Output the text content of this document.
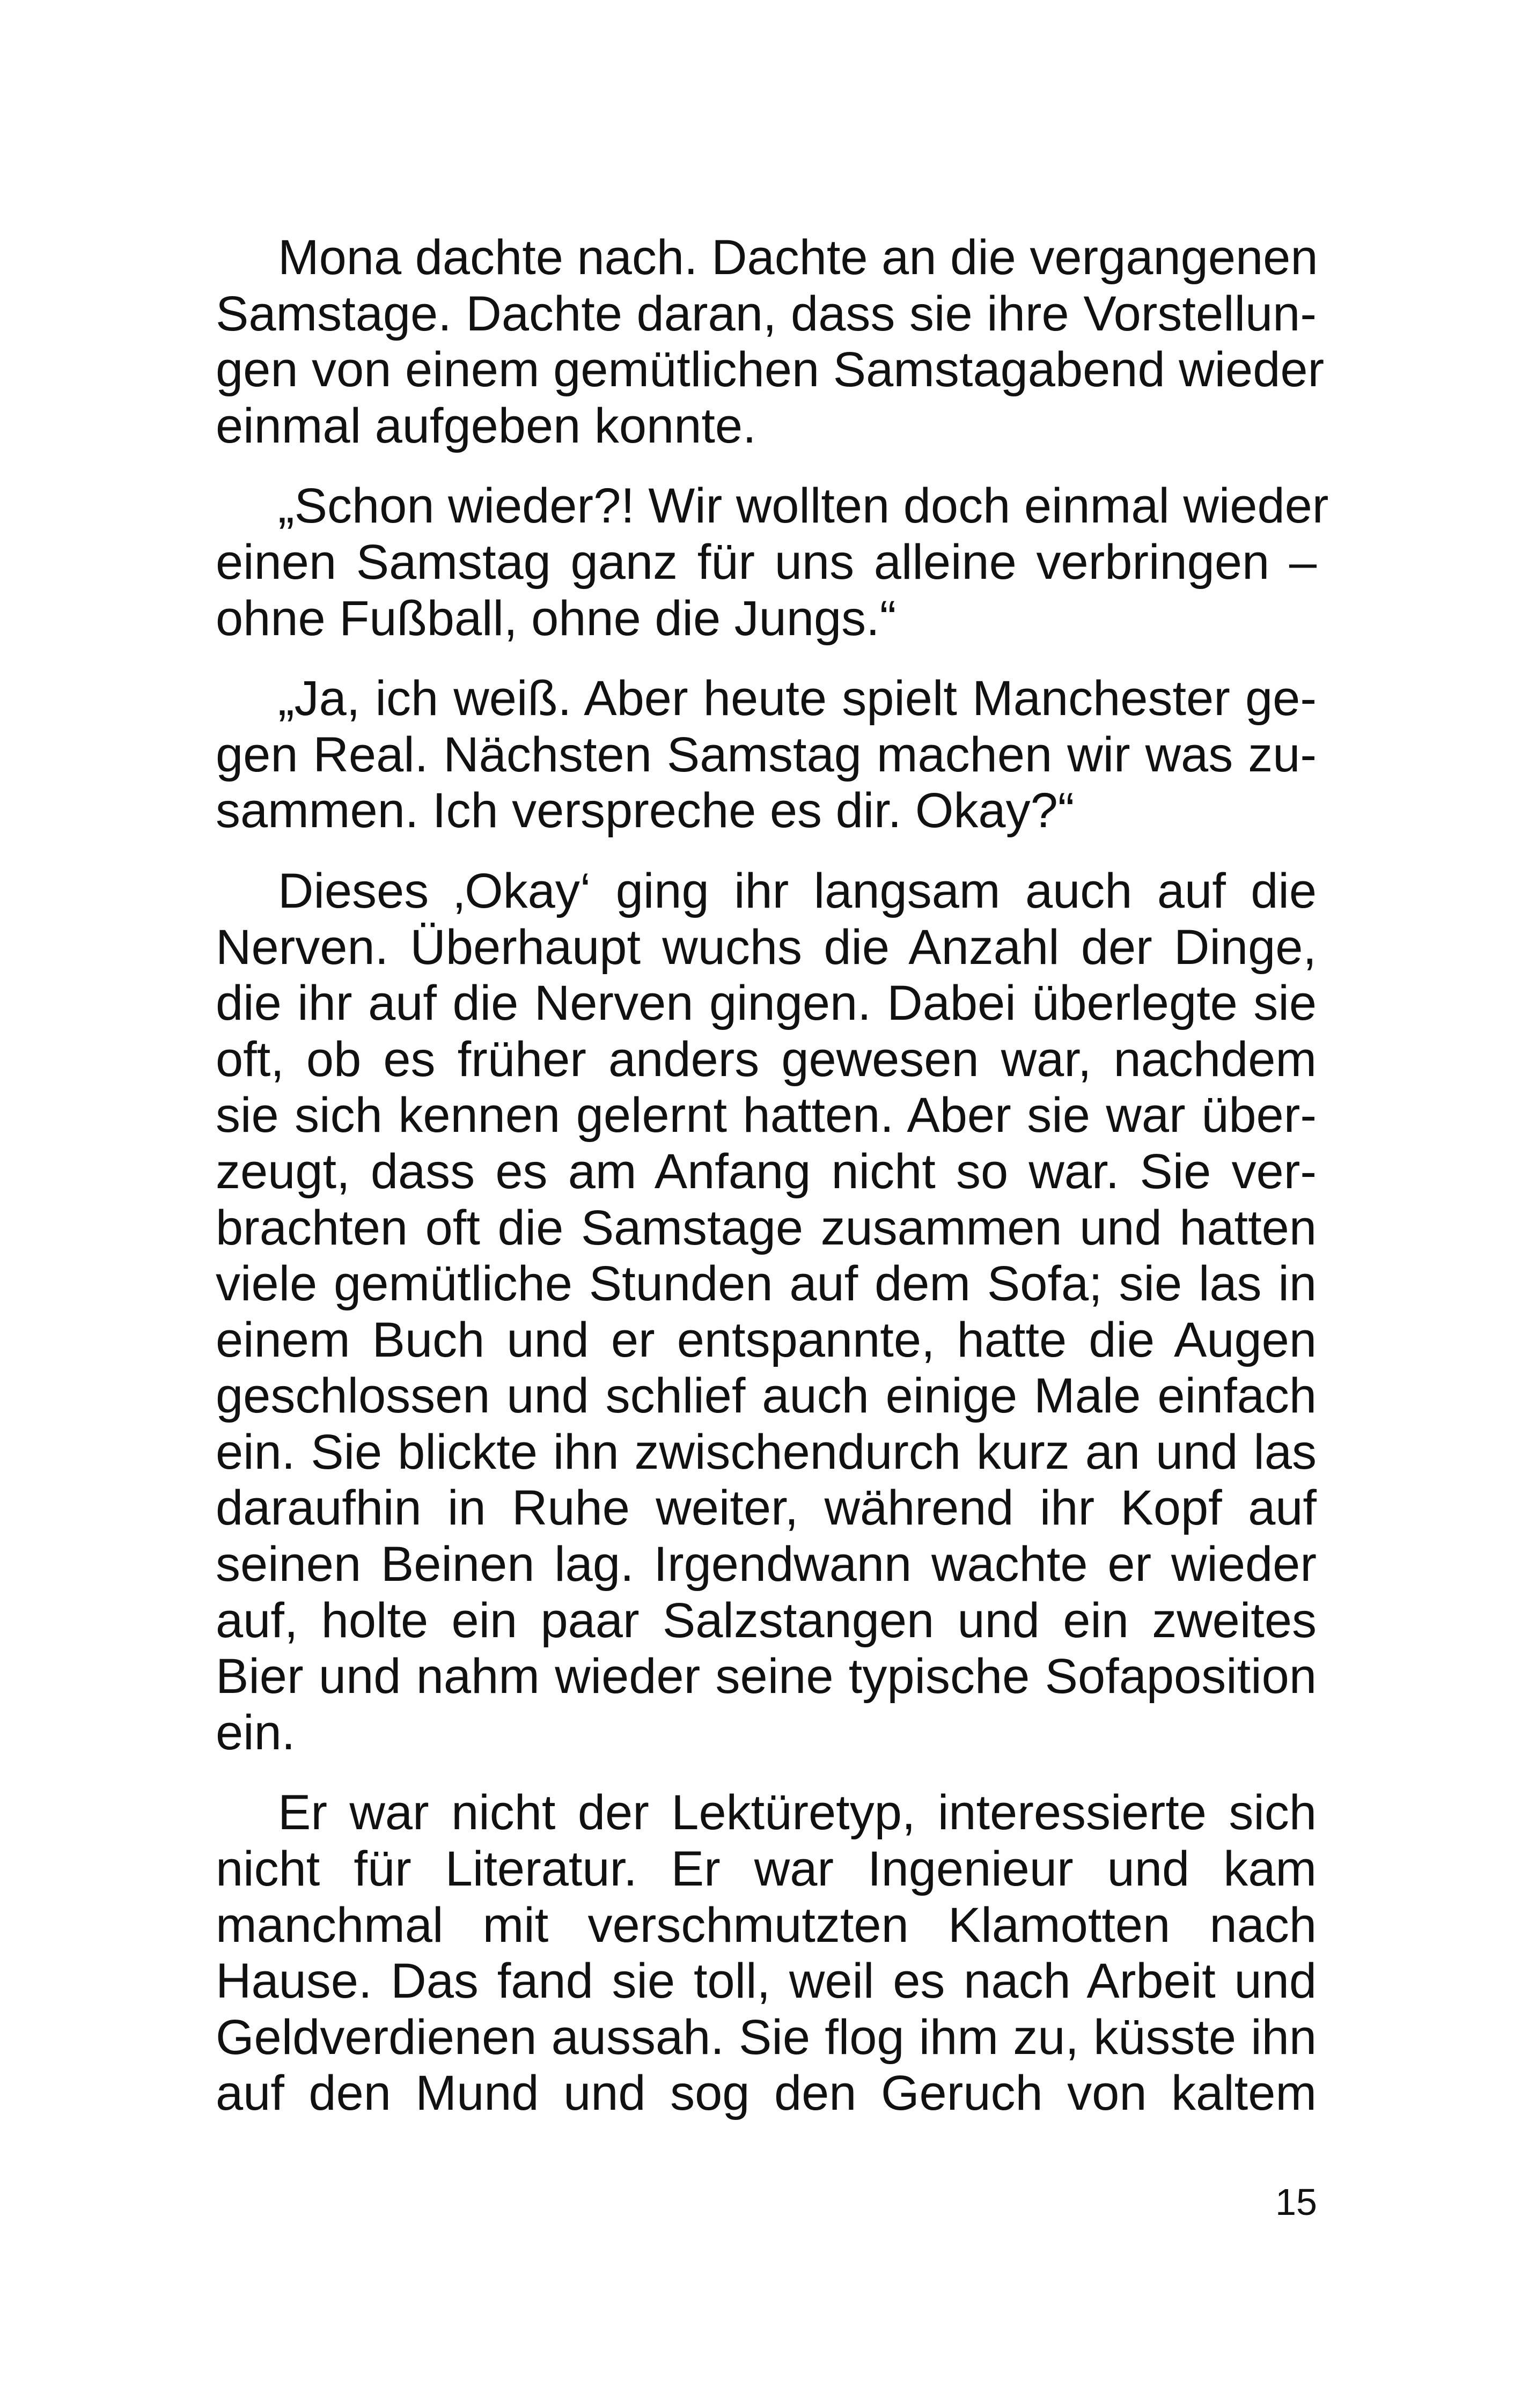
Mona dachte nach. Dachte an die vergangenen
Samstage. Dachte daran, dass sie ihre Vorstellun-
gen von einem gemütlichen Samstagabend wieder
einmal aufgeben konnte.
„Schon wieder?! Wir wollten doch einmal wieder
einen Samstag ganz für uns alleine verbringen –
ohne Fußball, ohne die Jungs.“
„Ja, ich weiß. Aber heute spielt Manchester ge-
gen Real. Nächsten Samstag machen wir was zu-
sammen. Ich verspreche es dir. Okay?“
Dieses ‚Okay‘ ging ihr langsam auch auf die
Nerven. Überhaupt wuchs die Anzahl der Dinge,
die ihr auf die Nerven gingen. Dabei überlegte sie
oft, ob es früher anders gewesen war, nachdem
sie sich kennen gelernt hatten. Aber sie war über-
zeugt, dass es am Anfang nicht so war. Sie ver-
brachten oft die Samstage zusammen und hatten
viele gemütliche Stunden auf dem Sofa; sie las in
einem Buch und er entspannte, hatte die Augen
geschlossen und schlief auch einige Male einfach
ein. Sie blickte ihn zwischendurch kurz an und las
daraufhin in Ruhe weiter, während ihr Kopf auf
seinen Beinen lag. Irgendwann wachte er wieder
auf, holte ein paar Salzstangen und ein zweites
Bier und nahm wieder seine typische Sofaposition
ein.
Er war nicht der Lektüretyp, interessierte sich
nicht für Literatur. Er war Ingenieur und kam
manchmal mit verschmutzten Klamotten nach
Hause. Das fand sie toll, weil es nach Arbeit und
Geldverdienen aussah. Sie flog ihm zu, küsste ihn
auf den Mund und sog den Geruch von kaltem
15
